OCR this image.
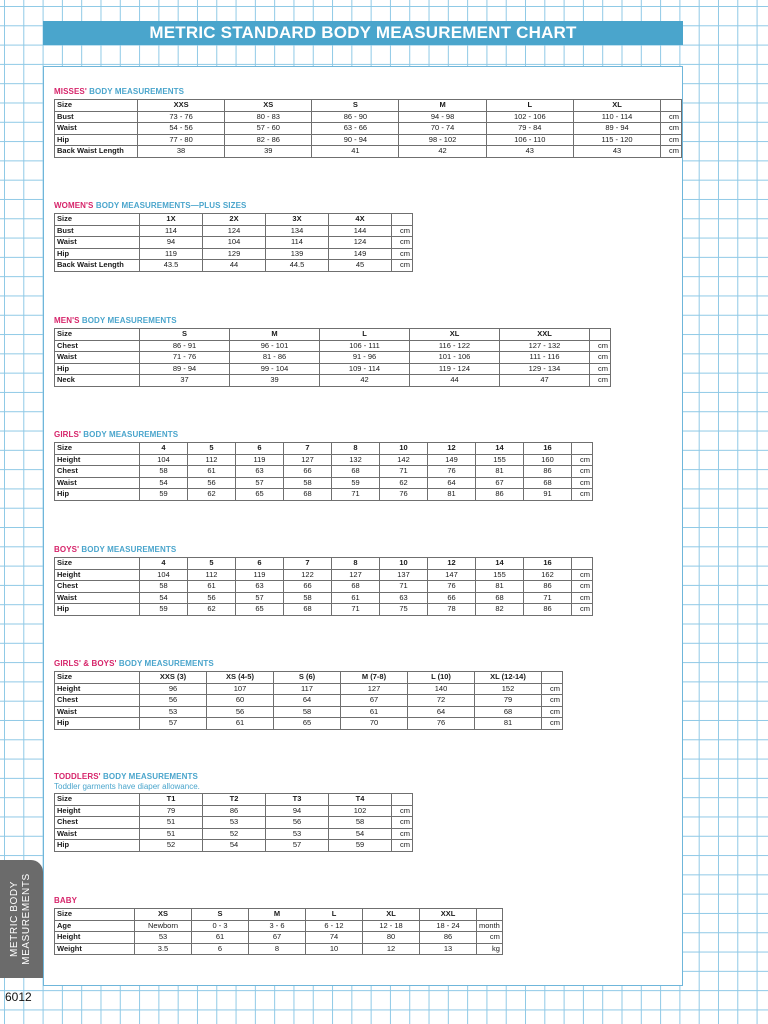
METRIC STANDARD BODY MEASUREMENT CHART
MISSES' BODY MEASUREMENTS
Size	XXS	XS	S	M	L	XL	
Bust	73 - 76	80 - 83	86 - 90	94 - 98	102 - 106	110 - 114	cm
Waist	54 - 56	57 - 60	63 - 66	70 - 74	79 - 84	89 - 94	cm
Hip	77 - 80	82 - 86	90 - 94	98 - 102	106 - 110	115 - 120	cm
Back Waist Length	38	39	41	42	43	43	cm
WOMEN'S BODY MEASUREMENTS—PLUS SIZES
Size	1X	2X	3X	4X	
Bust	114	124	134	144	cm
Waist	94	104	114	124	cm
Hip	119	129	139	149	cm
Back Waist Length	43.5	44	44.5	45	cm
MEN'S BODY MEASUREMENTS
Size	S	M	L	XL	XXL	
Chest	86 - 91	96 - 101	106 - 111	116 - 122	127 - 132	cm
Waist	71 - 76	81 - 86	91 - 96	101 - 106	111 - 116	cm
Hip	89 - 94	99 - 104	109 - 114	119 - 124	129 - 134	cm
Neck	37	39	42	44	47	cm
GIRLS' BODY MEASUREMENTS
Size	4	5	6	7	8	10	12	14	16	
Height	104	112	119	127	132	142	149	155	160	cm
Chest	58	61	63	66	68	71	76	81	86	cm
Waist	54	56	57	58	59	62	64	67	68	cm
Hip	59	62	65	68	71	76	81	86	91	cm
BOYS' BODY MEASUREMENTS
Size	4	5	6	7	8	10	12	14	16	
Height	104	112	119	122	127	137	147	155	162	cm
Chest	58	61	63	66	68	71	76	81	86	cm
Waist	54	56	57	58	61	63	66	68	71	cm
Hip	59	62	65	68	71	75	78	82	86	cm
GIRLS' & BOYS' BODY MEASUREMENTS
Size	XXS (3)	XS (4-5)	S (6)	M (7-8)	L (10)	XL (12-14)	
Height	96	107	117	127	140	152	cm
Chest	56	60	64	67	72	79	cm
Waist	53	56	58	61	64	68	cm
Hip	57	61	65	70	76	81	cm
TODDLERS' BODY MEASUREMENTS
Toddler garments have diaper allowance.
Size	T1	T2	T3	T4	
Height	79	86	94	102	cm
Chest	51	53	56	58	cm
Waist	51	52	53	54	cm
Hip	52	54	57	59	cm
BABY
Size	XS	S	M	L	XL	XXL	
Age	Newborn	0 - 3	3 - 6	6 - 12	12 - 18	18 - 24	month
Height	53	61	67	74	80	86	cm
Weight	3.5	6	8	10	12	13	kg
METRIC BODY MEASUREMENTS
6012
